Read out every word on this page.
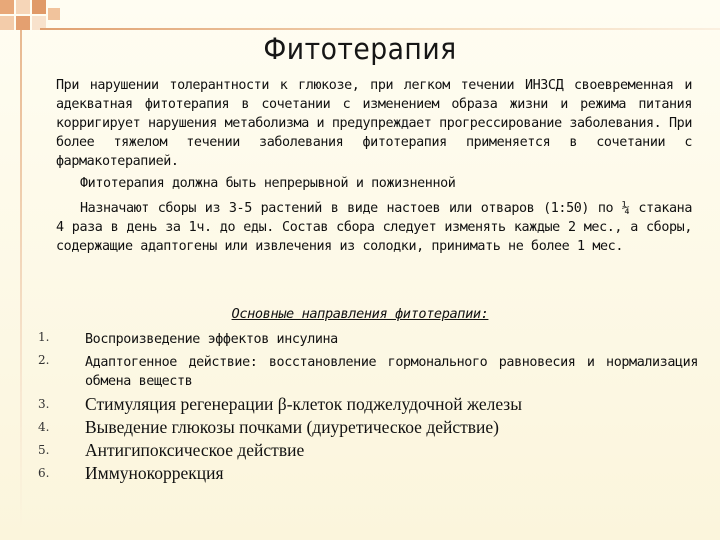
Фитотерапия
При нарушении толерантности к глюкозе, при легком течении ИНЗСД своевременная и адекватная фитотерапия в сочетании с изменением образа жизни и режима питания корригирует нарушения метаболизма и предупреждает прогрессирование заболевания. При более тяжелом течении заболевания фитотерапия применяется в сочетании с фармакотерапией.
Фитотерапия должна быть непрерывной и пожизненной
Назначают сборы из 3-5 растений в виде настоев или отваров (1:50) по ¼ стакана 4 раза в день за 1ч. до еды. Состав сбора следует изменять каждые 2 мес., а сборы, содержащие адаптогены или извлечения из солодки, принимать не более 1 мес.
Основные направления фитотерапии:
1.	Воспроизведение эффектов инсулина
2.	Адаптогенное действие: восстановление гормонального равновесия и нормализация обмена веществ
3.	Стимуляция регенерации β-клеток поджелудочной железы
4.	Выведение глюкозы почками (диуретическое действие)
5.	Антигипоксическое действие
6.	Иммунокоррекция
